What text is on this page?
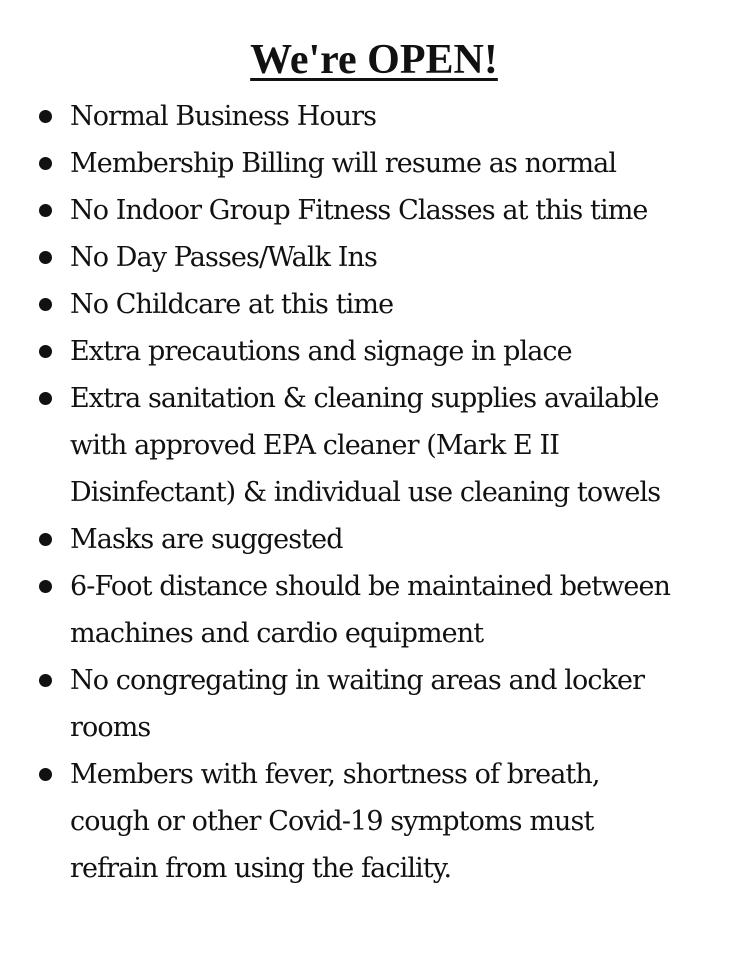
We're OPEN!
Normal Business Hours
Membership Billing will resume as normal
No Indoor Group Fitness Classes at this time
No Day Passes/Walk Ins
No Childcare at this time
Extra precautions and signage in place
Extra sanitation & cleaning supplies available
with approved EPA cleaner (Mark E II
Disinfectant) & individual use cleaning towels
Masks are suggested
6-Foot distance should be maintained between
machines and cardio equipment
No congregating in waiting areas and locker
rooms
Members with fever, shortness of breath,
cough or other Covid-19 symptoms must
refrain from using the facility.
